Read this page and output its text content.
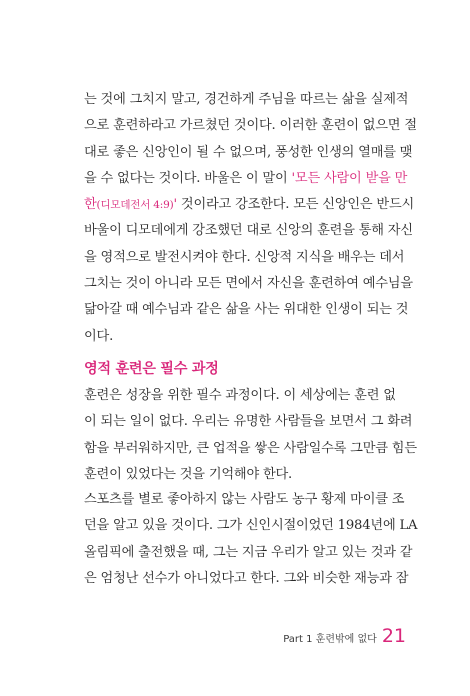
는 것에 그치지 말고, 경건하게 주님을 따르는 삶을 실제적
으로 훈련하라고 가르쳤던 것이다. 이러한 훈련이 없으면 절
대로 좋은 신앙인이 될 수 없으며, 풍성한 인생의 열매를 맺
을 수 없다는 것이다. 바울은 이 말이 '모든 사람이 받을 만
한(디모데전서 4:9)' 것이라고 강조한다. 모든 신앙인은 반드시
바울이 디모데에게 강조했던 대로 신앙의 훈련을 통해 자신
을 영적으로 발전시켜야 한다. 신앙적 지식을 배우는 데서
그치는 것이 아니라 모든 면에서 자신을 훈련하여 예수님을
닮아갈 때 예수님과 같은 삶을 사는 위대한 인생이 되는 것
이다.
영적 훈련은 필수 과정
훈련은 성장을 위한 필수 과정이다. 이 세상에는 훈련 없
이 되는 일이 없다. 우리는 유명한 사람들을 보면서 그 화려
함을 부러워하지만, 큰 업적을 쌓은 사람일수록 그만큼 힘든
훈련이 있었다는 것을 기억해야 한다.
스포츠를 별로 좋아하지 않는 사람도 농구 황제 마이클 조
던을 알고 있을 것이다. 그가 신인시절이었던 1984년에 LA
올림픽에 출전했을 때, 그는 지금 우리가 알고 있는 것과 같
은 엄청난 선수가 아니었다고 한다. 그와 비슷한 재능과 잠
Part 1 훈련밖에 없다 21
